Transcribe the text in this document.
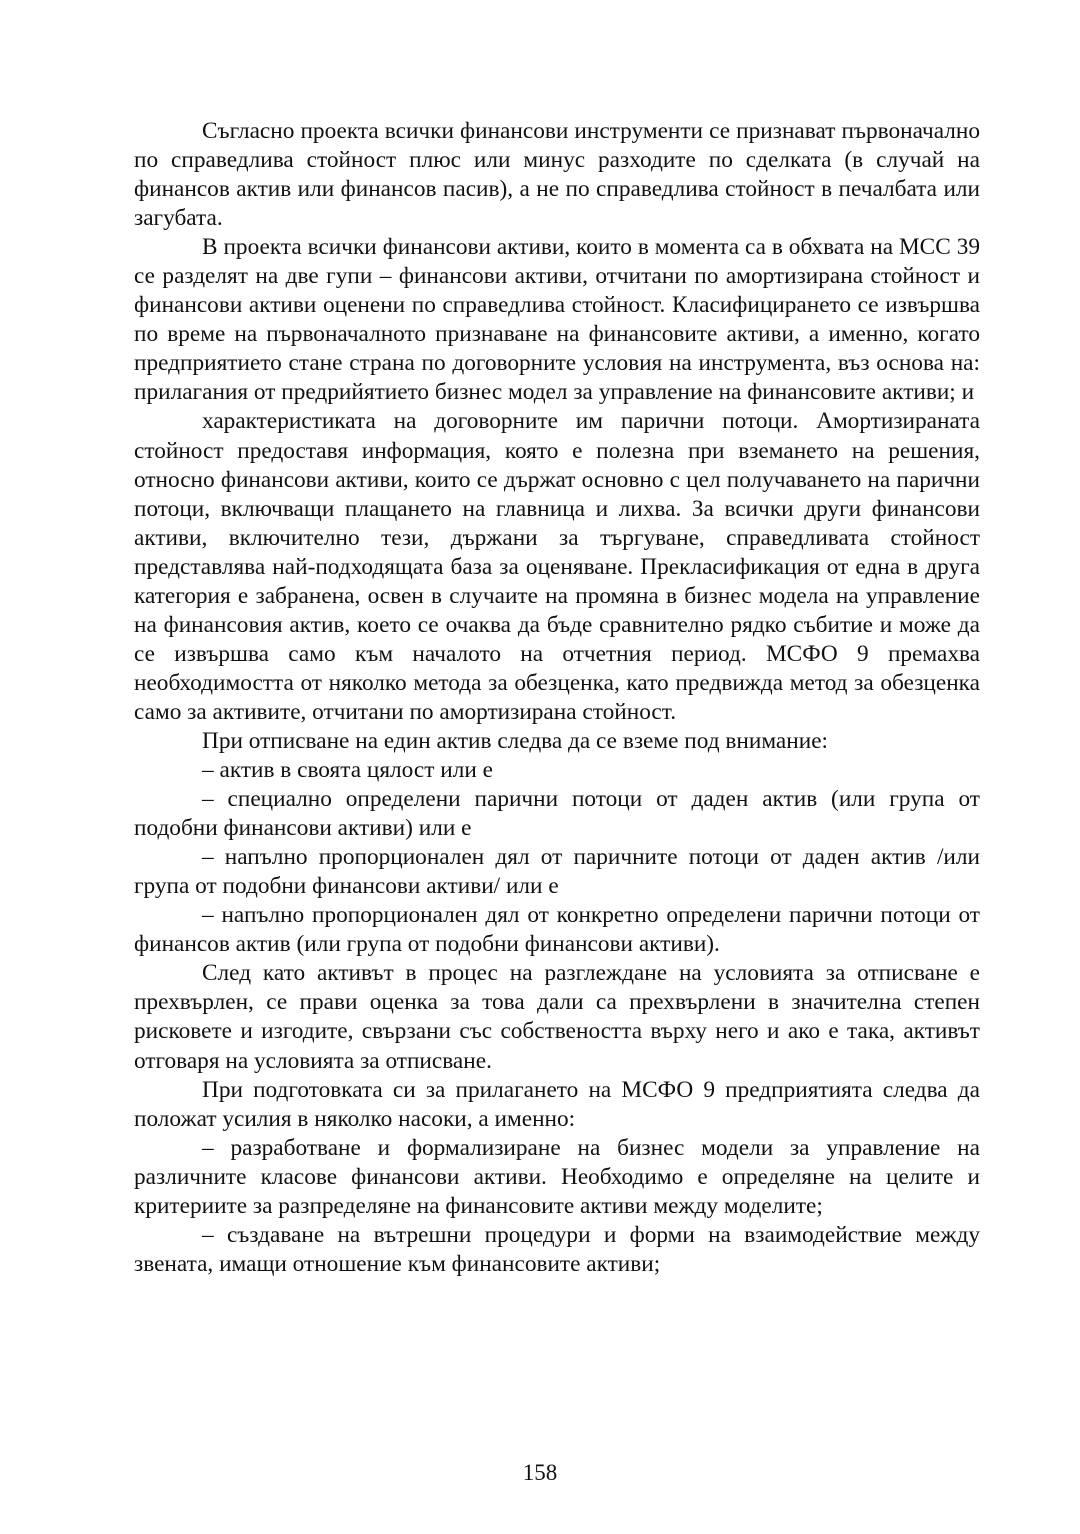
Съгласно проекта всички финансови инструменти се признават първоначално по справедлива стойност плюс или минус разходите по сделката (в случай на финансов актив или финансов пасив), а не по справедлива стойност в печалбата или загубата.

В проекта всички финансови активи, които в момента са в обхвата на МСС 39 се разделят на две гупи – финансови активи, отчитани по амортизирана стойност и финансови активи оценени по справедлива стойност. Класифицирането се извършва по време на първоначалното признаване на финансовите активи, а именно, когато предприятието стане страна по договорните условия на инструмента, въз основа на: прилагания от предрийятието бизнес модел за управление на финансовите активи; и

характеристиката на договорните им парични потоци. Амортизираната стойност предоставя информация, която е полезна при вземането на решения, относно финансови активи, които се държат основно с цел получаването на парични потоци, включващи плащането на главница и лихва. За всички други финансови активи, включително тези, държани за търгуване, справедливата стойност представлява най-подходящата база за оценяване. Прекласификация от една в друга категория е забранена, освен в случаите на промяна в бизнес модела на управление на финансовия актив, което се очаква да бъде сравнително рядко събитие и може да се извършва само към началото на отчетния период. МСФО 9 премахва необходимостта от няколко метода за обезценка, като предвижда метод за обезценка само за активите, отчитани по амортизирана стойност.

При отписване на един актив следва да се вземе под внимание:

– актив в своята цялост или е

– специално определени парични потоци от даден актив (или група от подобни финансови активи) или е

– напълно пропорционален дял от паричните потоци от даден актив /или група от подобни финансови активи/ или е

– напълно пропорционален дял от конкретно определени парични потоци от финансов актив (или група от подобни финансови активи).

След като активът в процес на разглеждане на условията за отписване е прехвърлен, се прави оценка за това дали са прехвърлени в значителна степен рисковете и изгодите, свързани със собствеността върху него и ако е така, активът отговаря на условията за отписване.

При подготовката си за прилагането на МСФО 9 предприятията следва да положат усилия в няколко насоки, а именно:

– разработване и формализиране на бизнес модели за управление на различните класове финансови активи. Необходимо е определяне на целите и критериите за разпределяне на финансовите активи между моделите;

– създаване на вътрешни процедури и форми на взаимодействие между звената, имащи отношение към финансовите активи;

158
